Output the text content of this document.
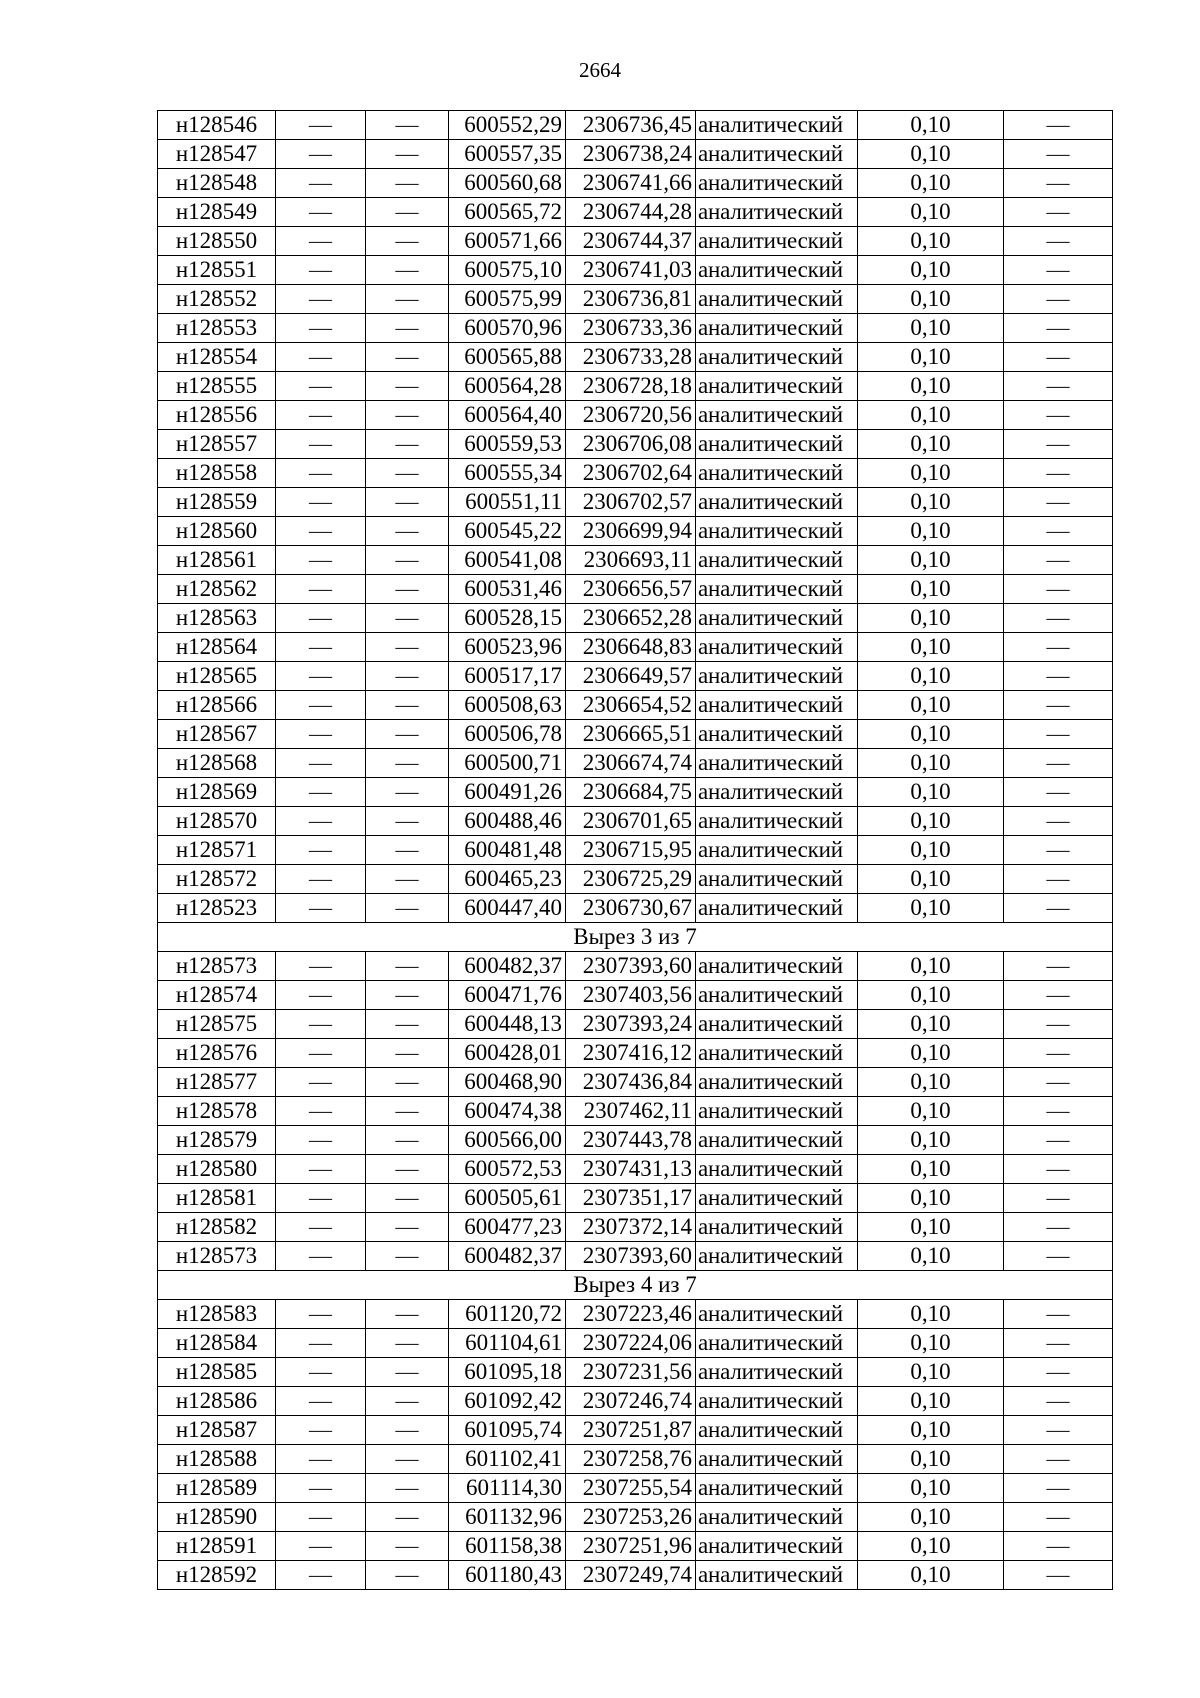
2664
н128546	—	—	600552,29	2306736,45	аналитический	0,10	—
н128547	—	—	600557,35	2306738,24	аналитический	0,10	—
н128548	—	—	600560,68	2306741,66	аналитический	0,10	—
н128549	—	—	600565,72	2306744,28	аналитический	0,10	—
н128550	—	—	600571,66	2306744,37	аналитический	0,10	—
н128551	—	—	600575,10	2306741,03	аналитический	0,10	—
н128552	—	—	600575,99	2306736,81	аналитический	0,10	—
н128553	—	—	600570,96	2306733,36	аналитический	0,10	—
н128554	—	—	600565,88	2306733,28	аналитический	0,10	—
н128555	—	—	600564,28	2306728,18	аналитический	0,10	—
н128556	—	—	600564,40	2306720,56	аналитический	0,10	—
н128557	—	—	600559,53	2306706,08	аналитический	0,10	—
н128558	—	—	600555,34	2306702,64	аналитический	0,10	—
н128559	—	—	600551,11	2306702,57	аналитический	0,10	—
н128560	—	—	600545,22	2306699,94	аналитический	0,10	—
н128561	—	—	600541,08	2306693,11	аналитический	0,10	—
н128562	—	—	600531,46	2306656,57	аналитический	0,10	—
н128563	—	—	600528,15	2306652,28	аналитический	0,10	—
н128564	—	—	600523,96	2306648,83	аналитический	0,10	—
н128565	—	—	600517,17	2306649,57	аналитический	0,10	—
н128566	—	—	600508,63	2306654,52	аналитический	0,10	—
н128567	—	—	600506,78	2306665,51	аналитический	0,10	—
н128568	—	—	600500,71	2306674,74	аналитический	0,10	—
н128569	—	—	600491,26	2306684,75	аналитический	0,10	—
н128570	—	—	600488,46	2306701,65	аналитический	0,10	—
н128571	—	—	600481,48	2306715,95	аналитический	0,10	—
н128572	—	—	600465,23	2306725,29	аналитический	0,10	—
н128523	—	—	600447,40	2306730,67	аналитический	0,10	—
Вырез 3 из 7							
н128573	—	—	600482,37	2307393,60	аналитический	0,10	—
н128574	—	—	600471,76	2307403,56	аналитический	0,10	—
н128575	—	—	600448,13	2307393,24	аналитический	0,10	—
н128576	—	—	600428,01	2307416,12	аналитический	0,10	—
н128577	—	—	600468,90	2307436,84	аналитический	0,10	—
н128578	—	—	600474,38	2307462,11	аналитический	0,10	—
н128579	—	—	600566,00	2307443,78	аналитический	0,10	—
н128580	—	—	600572,53	2307431,13	аналитический	0,10	—
н128581	—	—	600505,61	2307351,17	аналитический	0,10	—
н128582	—	—	600477,23	2307372,14	аналитический	0,10	—
н128573	—	—	600482,37	2307393,60	аналитический	0,10	—
Вырез 4 из 7							
н128583	—	—	601120,72	2307223,46	аналитический	0,10	—
н128584	—	—	601104,61	2307224,06	аналитический	0,10	—
н128585	—	—	601095,18	2307231,56	аналитический	0,10	—
н128586	—	—	601092,42	2307246,74	аналитический	0,10	—
н128587	—	—	601095,74	2307251,87	аналитический	0,10	—
н128588	—	—	601102,41	2307258,76	аналитический	0,10	—
н128589	—	—	601114,30	2307255,54	аналитический	0,10	—
н128590	—	—	601132,96	2307253,26	аналитический	0,10	—
н128591	—	—	601158,38	2307251,96	аналитический	0,10	—
н128592	—	—	601180,43	2307249,74	аналитический	0,10	—
